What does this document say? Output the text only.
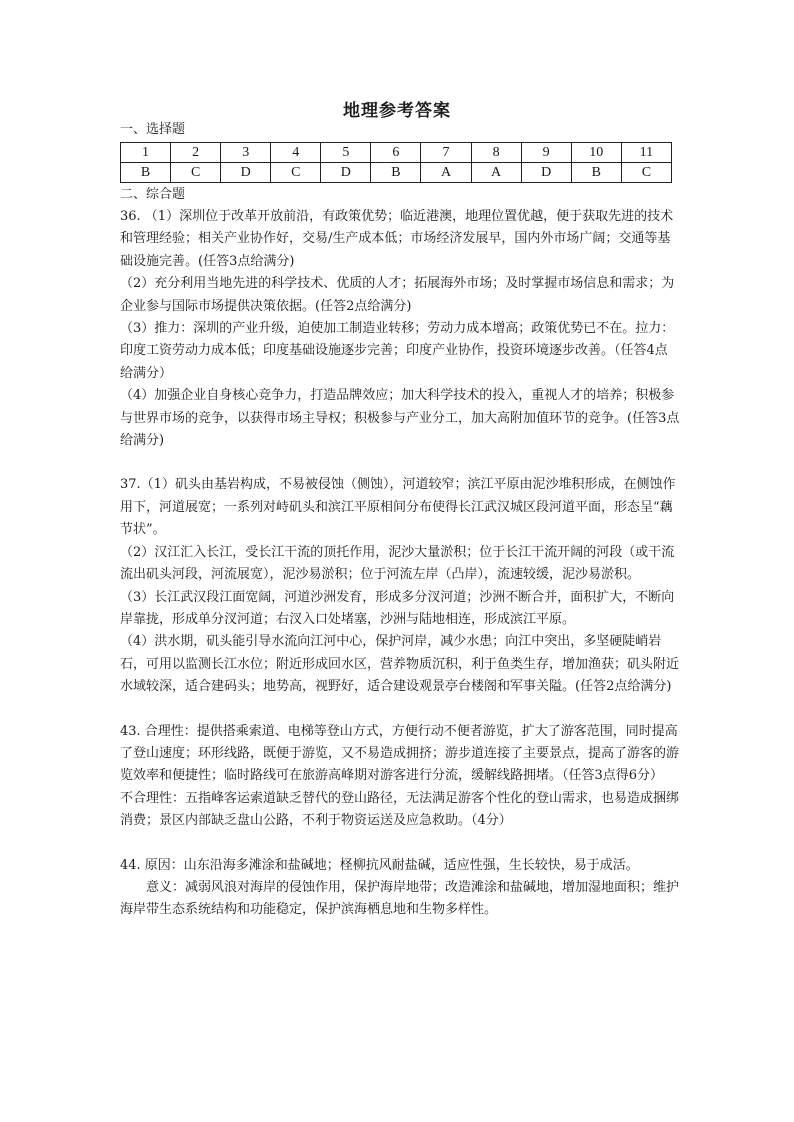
地理参考答案
一、选择题
1	2	3	4	5	6	7	8	9	10	11
B	C	D	C	D	B	A	A	D	B	C
二、综合题

36. （1）深圳位于改革开放前沿，有政策优势；临近港澳，地理位置优越，便于获取先进的技术和管理经验；相关产业协作好，交易/生产成本低；市场经济发展早，国内外市场广阔；交通等基础设施完善。(任答3点给满分)

（2）充分利用当地先进的科学技术、优质的人才；拓展海外市场；及时掌握市场信息和需求；为企业参与国际市场提供决策依据。(任答2点给满分)

（3）推力：深圳的产业升级，迫使加工制造业转移；劳动力成本增高；政策优势已不在。拉力：印度工资劳动力成本低；印度基础设施逐步完善；印度产业协作，投资环境逐步改善。（任答4点给满分）

（4）加强企业自身核心竞争力，打造品牌效应；加大科学技术的投入，重视人才的培养；积极参与世界市场的竞争，以获得市场主导权；积极参与产业分工，加大高附加值环节的竞争。(任答3点给满分)

37.（1）矶头由基岩构成，不易被侵蚀（侧蚀），河道较窄；滨江平原由泥沙堆积形成，在侧蚀作用下，河道展宽；一系列对峙矶头和滨江平原相间分布使得长江武汉城区段河道平面，形态呈“藕节状”。

（2）汉江汇入长江，受长江干流的顶托作用，泥沙大量淤积；位于长江干流开阔的河段（或干流流出矶头河段，河流展宽），泥沙易淤积；位于河流左岸（凸岸），流速较缓，泥沙易淤积。

（3）长江武汉段江面宽阔，河道沙洲发育，形成多分汊河道；沙洲不断合并，面积扩大，不断向岸靠拢，形成单分汊河道；右汊入口处堵塞，沙洲与陆地相连，形成滨江平原。

（4）洪水期，矶头能引导水流向江河中心，保护河岸，减少水患；向江中突出，多坚硬陡峭岩石，可用以监测长江水位；附近形成回水区，营养物质沉积，利于鱼类生存，增加渔获；矶头附近水域较深，适合建码头；地势高，视野好，适合建设观景亭台楼阁和军事关隘。(任答2点给满分)

43. 合理性：提供搭乘索道、电梯等登山方式，方便行动不便者游览，扩大了游客范围，同时提高了登山速度；环形线路，既便于游览，又不易造成拥挤；游步道连接了主要景点，提高了游客的游览效率和便捷性；临时路线可在旅游高峰期对游客进行分流，缓解线路拥堵。（任答3点得6分）

不合理性：五指峰客运索道缺乏替代的登山路径，无法满足游客个性化的登山需求，也易造成捆绑消费；景区内部缺乏盘山公路，不利于物资运送及应急救助。（4分）

44. 原因：山东沿海多滩涂和盐碱地；柽柳抗风耐盐碱，适应性强，生长较快，易于成活。

意义：减弱风浪对海岸的侵蚀作用，保护海岸地带；改造滩涂和盐碱地，增加湿地面积；维护海岸带生态系统结构和功能稳定，保护滨海栖息地和生物多样性。
